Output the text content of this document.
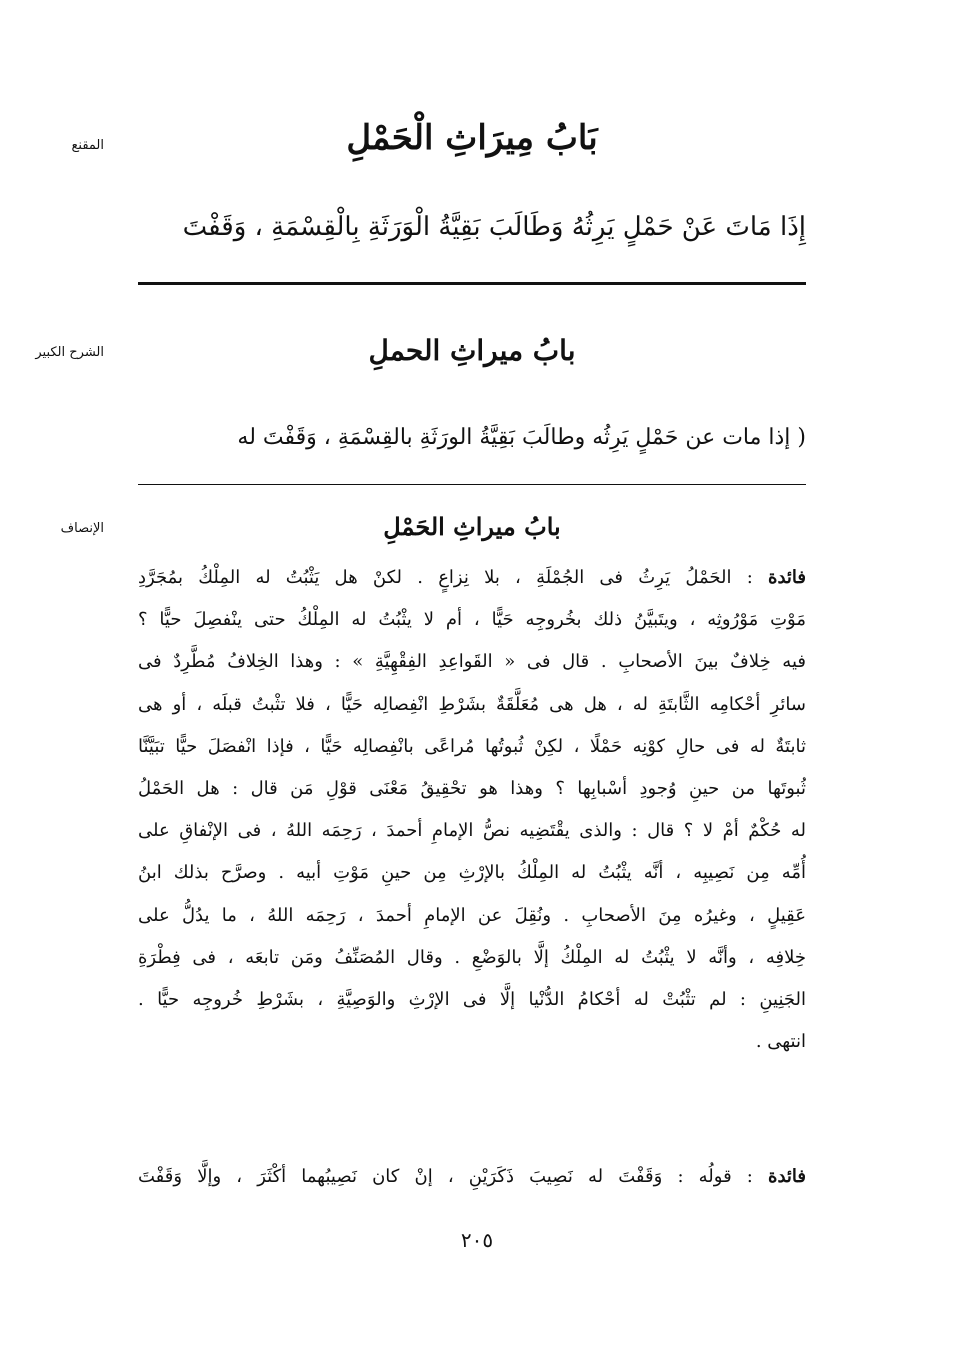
المقنع
الشرح الكبير
الإنصاف
بَابُ مِيرَاثِ الْحَمْلِ
إِذَا مَاتَ عَنْ حَمْلٍ يَرِثُهُ وَطَالَبَ بَقِيَّةُ الْوَرَثَةِ بِالْقِسْمَةِ ، وَقَفْتَ
بابُ ميراثِ الحملِ
( إذا مات عن حَمْلٍ يَرِثُه وطالَبَ بَقِيَّةُ الورَثَةِ بالقِسْمَةِ ، وَقَفْتَ له
بابُ ميراثِ الحَمْلِ
فائدة : الحَمْلُ يَرِثُ فى الجُمْلَةِ ، بلا نِزاعٍ . لكنْ هل يَثْبُتُ له المِلْكُ بمُجَرَّدِ
مَوْتِ مَوْرُوثِه ، ويتَبيَّنُ ذلك بخُروجِه حَيًّا ، أم لا يثْبُتُ له المِلْكُ حتى ينْفصِلَ حيًّا ؟
فيه خِلافٌ بينَ الأصحابِ . قال فى « القَواعِدِ الفِقْهِيَّةِ » : وهذا الخِلافُ مُطَّرِدٌ فى
سائرِ أحْكامِه الثَّابتَةِ له ، هل هى مُعَلَّقَةٌ بشَرْطِ انْفِصالِه حَيًّا ، فلا تثْبتُ قبلَه ، أو هى
ثابتَةٌ له فى حالِ كوْنِه حَمْلًا ، لكِنْ ثُبوتُها مُراعًى بانْفِصالِه حَيًّا ، فإذا انْفصَلَ حيًّا تبَيَّنَّا
ثُبوتَها من حينِ وُجودِ أسْبابِها ؟ وهذا هو تحْقِيقُ مَعْنَى قوْلِ مَن قال : هل الحَمْلُ
له حُكْمٌ أمْ لا ؟ قال : والذى يقْتَضِيه نصُّ الإمامِ أحمدَ ، رَحِمَه اللهُ ، فى الإنْفاقِ على
أُمِّه مِن نَصِيبِه ، أنَّه يثْبُتُ له المِلْكُ بالإرْثِ مِن حينِ مَوْتِ أبيه . وصرَّح بذلك ابنُ
عَقِيلٍ ، وغيرُه مِنَ الأصحابِ . ونُقِلَ عن الإمامِ أحمدَ ، رَحِمَه اللهُ ، ما يدُلُّ على
خِلافِه ، وأنَّه لا يثْبُتُ له المِلْكُ إلَّا بالوَضْعِ . وقال المُصَنِّفُ ومَن تابعَه ، فى فِطْرَةِ
الجَنِينِ : لم تثْبُتْ له أحْكامُ الدُّنْيا إلَّا فى الإرْثِ والوَصِيَّةِ ، بشَرْطِ خُروجِه حيًّا .
انتهى .
فائدة : قولُه : وَقَفْتَ له نَصِيبَ ذَكَرَيْنِ ، إنْ كان نَصِيبُهما أكْثَرَ ، وإلَّا وَقَفْتَ
٢٠٥
